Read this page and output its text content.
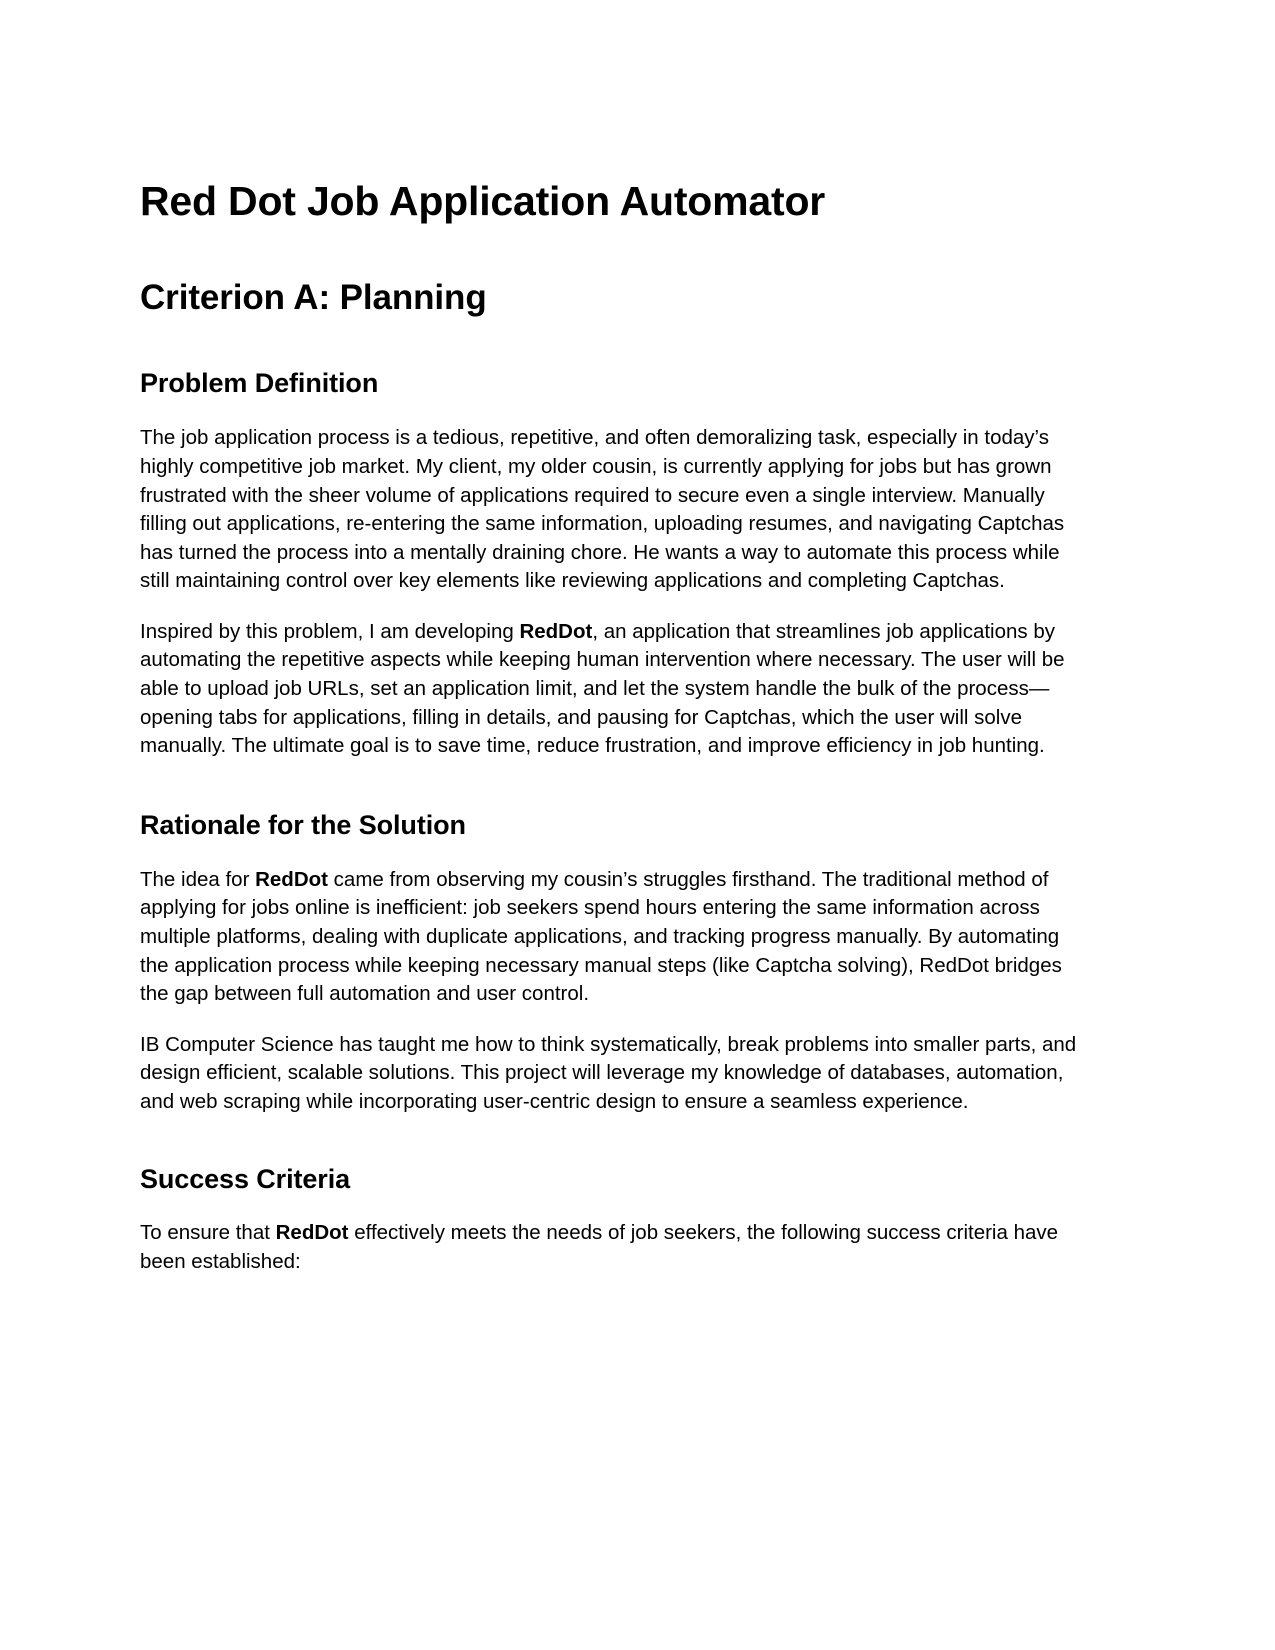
Red Dot Job Application Automator
Criterion A: Planning
Problem Definition

The job application process is a tedious, repetitive, and often demoralizing task, especially in today’s highly competitive job market. My client, my older cousin, is currently applying for jobs but has grown frustrated with the sheer volume of applications required to secure even a single interview. Manually filling out applications, re-entering the same information, uploading resumes, and navigating Captchas has turned the process into a mentally draining chore. He wants a way to automate this process while still maintaining control over key elements like reviewing applications and completing Captchas.

Inspired by this problem, I am developing RedDot, an application that streamlines job applications by automating the repetitive aspects while keeping human intervention where necessary. The user will be able to upload job URLs, set an application limit, and let the system handle the bulk of the process—opening tabs for applications, filling in details, and pausing for Captchas, which the user will solve manually. The ultimate goal is to save time, reduce frustration, and improve efficiency in job hunting.

Rationale for the Solution

The idea for RedDot came from observing my cousin’s struggles firsthand. The traditional method of applying for jobs online is inefficient: job seekers spend hours entering the same information across multiple platforms, dealing with duplicate applications, and tracking progress manually. By automating the application process while keeping necessary manual steps (like Captcha solving), RedDot bridges the gap between full automation and user control.

IB Computer Science has taught me how to think systematically, break problems into smaller parts, and design efficient, scalable solutions. This project will leverage my knowledge of databases, automation, and web scraping while incorporating user-centric design to ensure a seamless experience.

Success Criteria

To ensure that RedDot effectively meets the needs of job seekers, the following success criteria have been established:
